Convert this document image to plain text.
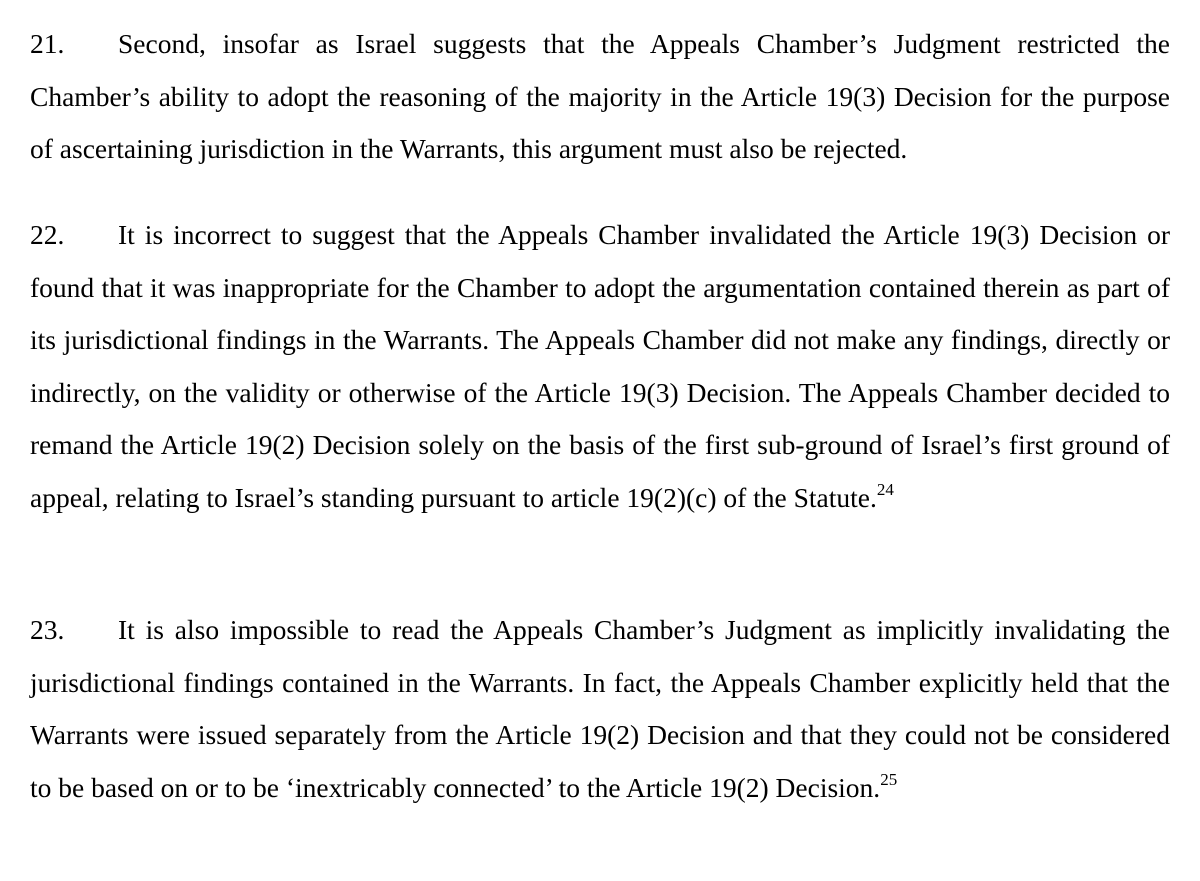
21. Second, insofar as Israel suggests that the Appeals Chamber’s Judgment restricted the Chamber’s ability to adopt the reasoning of the majority in the Article 19(3) Decision for the purpose of ascertaining jurisdiction in the Warrants, this argument must also be rejected.

22. It is incorrect to suggest that the Appeals Chamber invalidated the Article 19(3) Decision or found that it was inappropriate for the Chamber to adopt the argumentation contained therein as part of its jurisdictional findings in the Warrants. The Appeals Chamber did not make any findings, directly or indirectly, on the validity or otherwise of the Article 19(3) Decision. The Appeals Chamber decided to remand the Article 19(2) Decision solely on the basis of the first sub-ground of Israel’s first ground of appeal, relating to Israel’s standing pursuant to article 19(2)(c) of the Statute.$^{24}$

23. It is also impossible to read the Appeals Chamber’s Judgment as implicitly invalidating the jurisdictional findings contained in the Warrants. In fact, the Appeals Chamber explicitly held that the Warrants were issued separately from the Article 19(2) Decision and that they could not be considered to be based on or to be ‘inextricably connected’ to the Article 19(2) Decision.$^{25}$
